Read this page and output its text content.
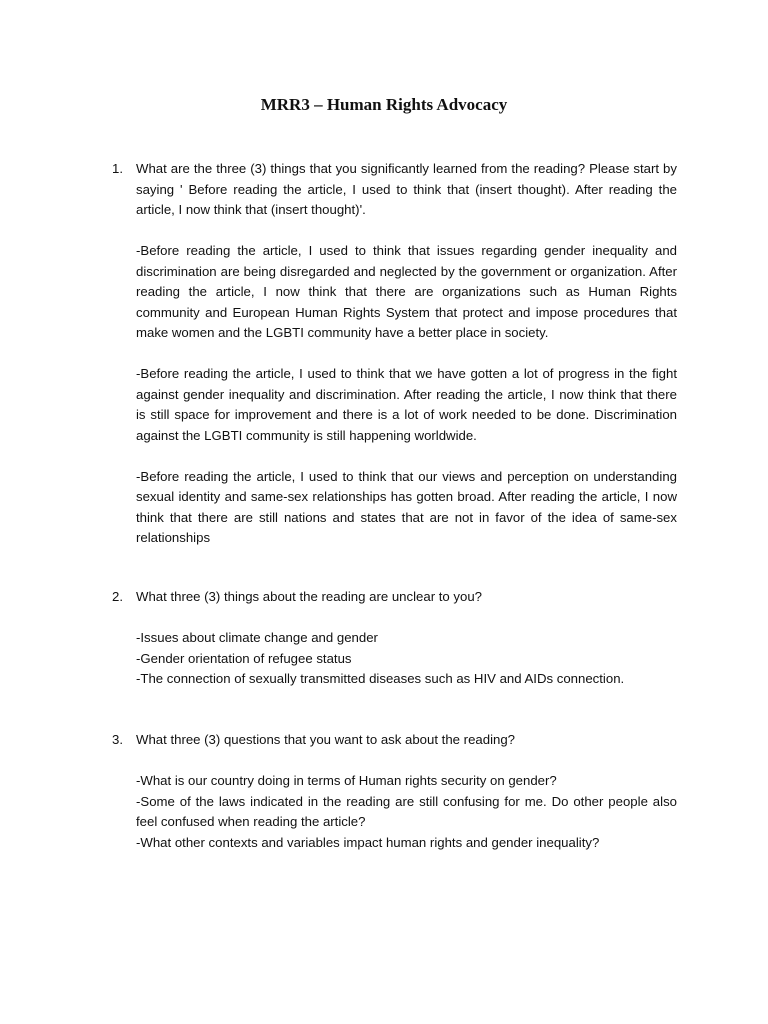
MRR3 – Human Rights Advocacy
1. What are the three (3) things that you significantly learned from the reading? Please start by saying ' Before reading the article, I used to think that (insert thought). After reading the article, I now think that (insert thought)'.

-Before reading the article, I used to think that issues regarding gender inequality and discrimination are being disregarded and neglected by the government or organization. After reading the article, I now think that there are organizations such as Human Rights community and European Human Rights System that protect and impose procedures that make women and the LGBTI community have a better place in society.

-Before reading the article, I used to think that we have gotten a lot of progress in the fight against gender inequality and discrimination. After reading the article, I now think that there is still space for improvement and there is a lot of work needed to be done. Discrimination against the LGBTI community is still happening worldwide.

-Before reading the article, I used to think that our views and perception on understanding sexual identity and same-sex relationships has gotten broad. After reading the article, I now think that there are still nations and states that are not in favor of the idea of same-sex relationships

2. What three (3) things about the reading are unclear to you?
-Issues about climate change and gender
-Gender orientation of refugee status
-The connection of sexually transmitted diseases such as HIV and AIDs connection.
3. What three (3) questions that you want to ask about the reading?
-What is our country doing in terms of Human rights security on gender?
-Some of the laws indicated in the reading are still confusing for me. Do other people also feel confused when reading the article?
-What other contexts and variables impact human rights and gender inequality?
